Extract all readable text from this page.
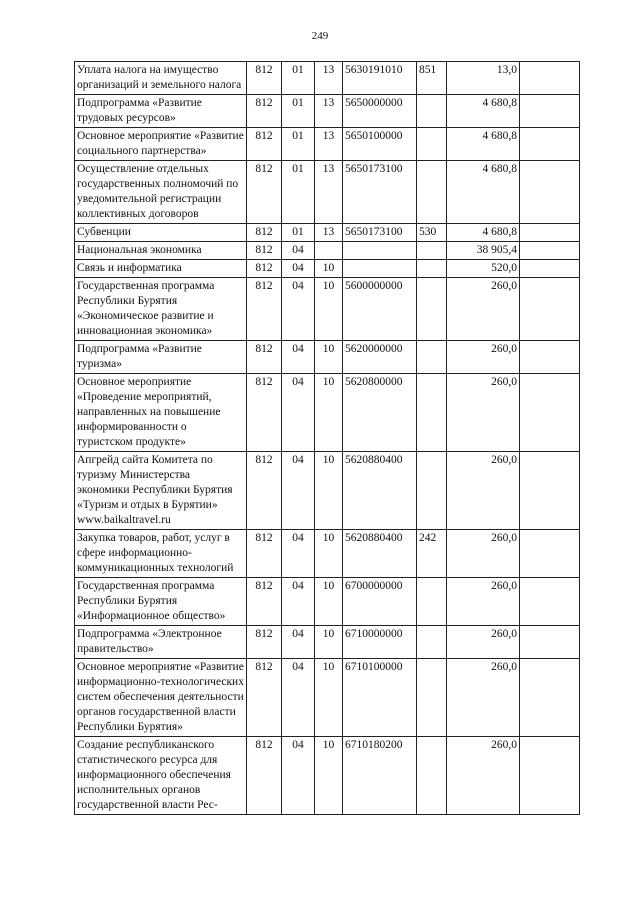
249
Уплата налога на имущество организаций и земельного налога	812	01	13	5630191010	851	13,0	
Подпрограмма «Развитие трудовых ресурсов»	812	01	13	5650000000		4 680,8	
Основное мероприятие «Развитие социального партнерства»	812	01	13	5650100000		4 680,8	
Осуществление отдельных государственных полномочий по уведомительной регистрации коллективных договоров	812	01	13	5650173100		4 680,8	
Субвенции	812	01	13	5650173100	530	4 680,8	
Национальная экономика	812	04				38 905,4	
Связь и информатика	812	04	10			520,0	
Государственная программа Республики Бурятия «Экономическое развитие и инновационная экономика»	812	04	10	5600000000		260,0	
Подпрограмма «Развитие туризма»	812	04	10	5620000000		260,0	
Основное мероприятие «Проведение мероприятий, направленных на повышение информированности о туристском продукте»	812	04	10	5620800000		260,0	
Апгрейд сайта Комитета по туризму Министерства экономики Республики Бурятия «Туризм и отдых в Бурятии» www.baikaltravel.ru	812	04	10	5620880400		260,0	
Закупка товаров, работ, услуг в сфере информационно-коммуникационных технологий	812	04	10	5620880400	242	260,0	
Государственная программа Республики Бурятия «Информационное общество»	812	04	10	6700000000		260,0	
Подпрограмма «Электронное правительство»	812	04	10	6710000000		260,0	
Основное мероприятие «Развитие информационно-технологических систем обеспечения деятельности органов государственной власти Республики Бурятия»	812	04	10	6710100000		260,0	
Создание республиканского статистического ресурса для информационного обеспечения исполнительных органов государственной власти Рес-	812	04	10	6710180200		260,0	
